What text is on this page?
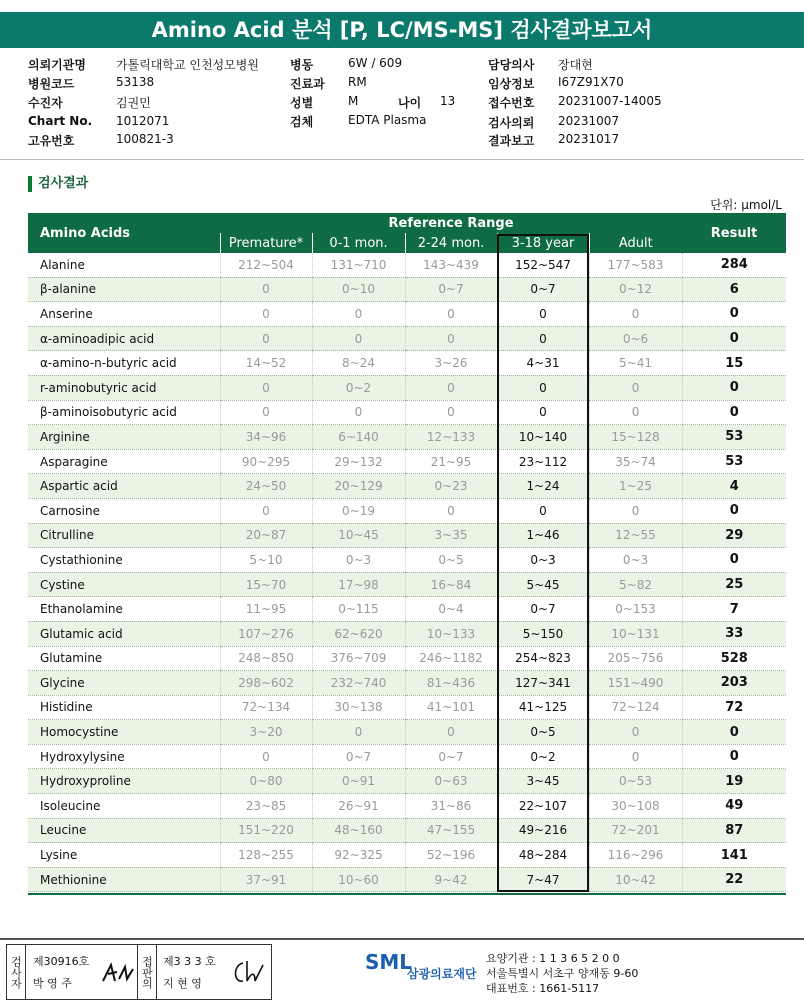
Amino Acid 분석 [P, LC/MS-MS] 검사결과보고서
의뢰기관명	가톨릭대학교 인천성모병원
병원코드	53138
수진자	김권민
Chart No. 1012071
고유번호	100821-3
병동	6W / 609
진료과 RM
성별	M
검체	EDTA Plasma
담당의사 장대현
임상정보 I67Z91X70
접수번호 20231007-14005
검사의뢰 20231007
결과보고 20231017
나이 13
검사결과
단위: μmol/L
Amino Acids	Reference Range					Result
	Premature*	0-1 mon.	2-24 mon.	3-18 year	Adult	
Alanine	212~504	131~710	143~439	152~547	177~583	284
β-alanine	0	0~10	0~7	0~7	0~12	6
Anserine	0	0	0	0	0	0
α-aminoadipic acid	0	0	0	0	0~6	0
α-amino-n-butyric acid	14~52	8~24	3~26	4~31	5~41	15
r-aminobutyric acid	0	0~2	0	0	0	0
β-aminoisobutyric acid	0	0	0	0	0	0
Arginine	34~96	6~140	12~133	10~140	15~128	53
Asparagine	90~295	29~132	21~95	23~112	35~74	53
Aspartic acid	24~50	20~129	0~23	1~24	1~25	4
Carnosine	0	0~19	0	0	0	0
Citrulline	20~87	10~45	3~35	1~46	12~55	29
Cystathionine	5~10	0~3	0~5	0~3	0~3	0
Cystine	15~70	17~98	16~84	5~45	5~82	25
Ethanolamine	11~95	0~115	0~4	0~7	0~153	7
Glutamic acid	107~276	62~620	10~133	5~150	10~131	33
Glutamine	248~850	376~709	246~1182	254~823	205~756	528
Glycine	298~602	232~740	81~436	127~341	151~490	203
Histidine	72~134	30~138	41~101	41~125	72~124	72
Homocystine	3~20	0	0	0~5	0	0
Hydroxylysine	0	0~7	0~7	0~2	0	0
Hydroxyproline	0~80	0~91	0~63	3~45	0~53	19
Isoleucine	23~85	26~91	31~86	22~107	30~108	49
Leucine	151~220	48~160	47~155	49~216	72~201	87
Lysine	128~255	92~325	52~196	48~284	116~296	141
Methionine	37~91	10~60	9~42	7~47	10~42	22
검사자 제30916호
박 영 주	접판의 제3 3 3 호
지 현 영
SML
삼광의료재단
요양기관 : 1 1 3 6 5 2 0 0
서울특별시 서초구 양재동 9-60
대표번호 : 1661-5117
